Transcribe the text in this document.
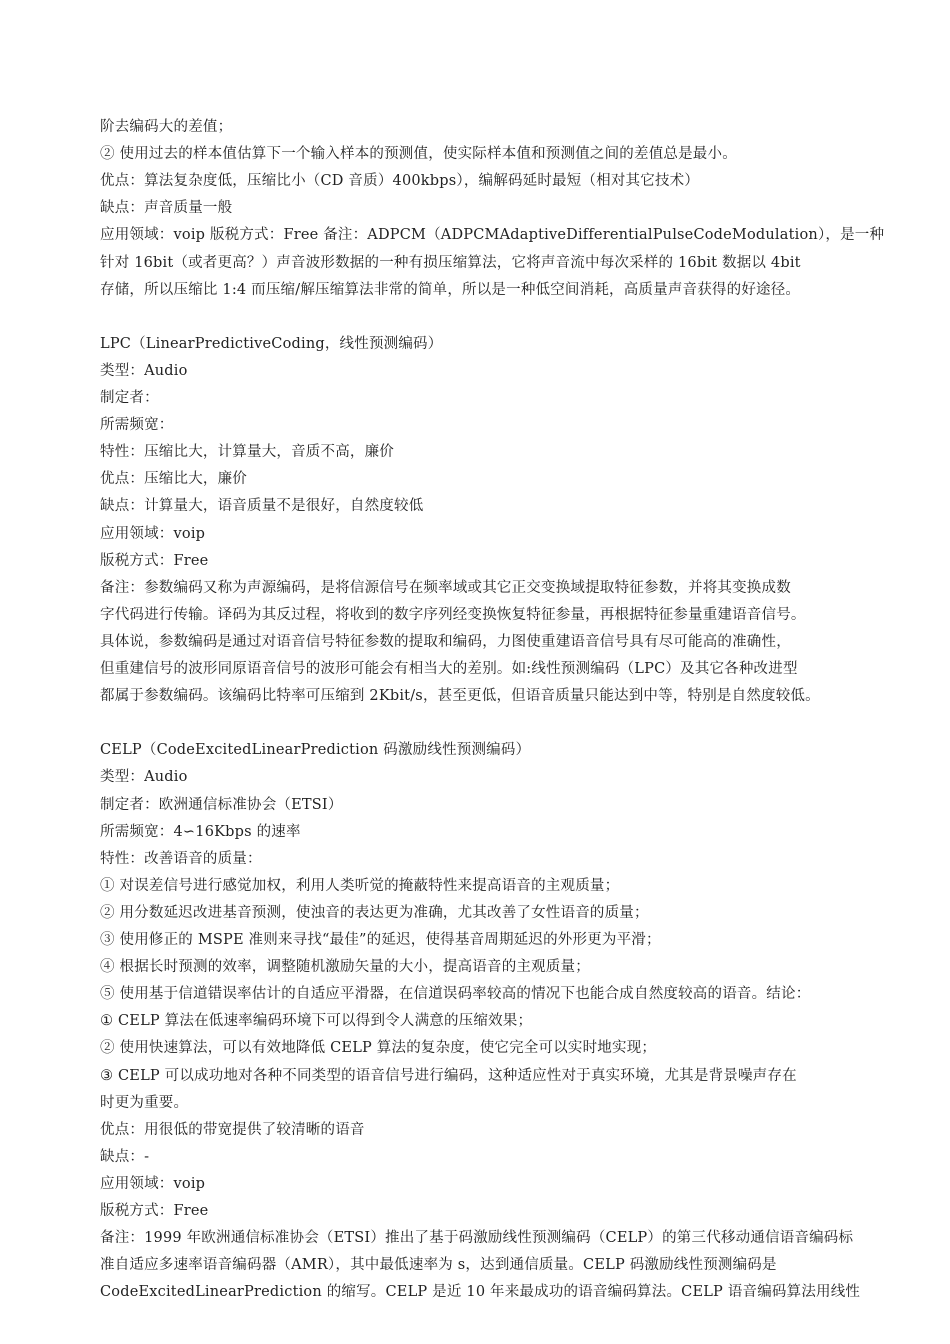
阶去编码大的差值；
② 使用过去的样本值估算下一个输入样本的预测值，使实际样本值和预测值之间的差值总是最小。
优点：算法复杂度低，压缩比小（CD 音质）400kbps），编解码延时最短（相对其它技术）
缺点：声音质量一般
应用领域：voip 版税方式：Free 备注：ADPCM（ADPCMAdaptiveDifferentialPulseCodeModulation），是一种
针对 16bit（或者更高？）声音波形数据的一种有损压缩算法，它将声音流中每次采样的 16bit 数据以 4bit
存储，所以压缩比 1:4 而压缩/解压缩算法非常的简单，所以是一种低空间消耗，高质量声音获得的好途径。
LPC（LinearPredictiveCoding，线性预测编码）
类型：Audio
制定者：
所需频宽：
特性：压缩比大，计算量大，音质不高，廉价
优点：压缩比大，廉价
缺点：计算量大，语音质量不是很好，自然度较低
应用领域：voip
版税方式：Free
备注：参数编码又称为声源编码，是将信源信号在频率域或其它正交变换域提取特征参数，并将其变换成数
字代码进行传输。译码为其反过程，将收到的数字序列经变换恢复特征参量，再根据特征参量重建语音信号。
具体说，参数编码是通过对语音信号特征参数的提取和编码，力图使重建语音信号具有尽可能高的准确性，
但重建信号的波形同原语音信号的波形可能会有相当大的差别。如:线性预测编码（LPC）及其它各种改进型
都属于参数编码。该编码比特率可压缩到 2Kbit/s，甚至更低，但语音质量只能达到中等，特别是自然度较低。
CELP（CodeExcitedLinearPrediction 码激励线性预测编码）
类型：Audio
制定者：欧洲通信标准协会（ETSI）
所需频宽：4∽16Kbps 的速率
特性：改善语音的质量：
① 对误差信号进行感觉加权，利用人类听觉的掩蔽特性来提高语音的主观质量；
② 用分数延迟改进基音预测，使浊音的表达更为准确，尤其改善了女性语音的质量；
③ 使用修正的 MSPE 准则来寻找“最佳”的延迟，使得基音周期延迟的外形更为平滑；
④ 根据长时预测的效率，调整随机激励矢量的大小，提高语音的主观质量；
⑤ 使用基于信道错误率估计的自适应平滑器，在信道误码率较高的情况下也能合成自然度较高的语音。结论：
① CELP 算法在低速率编码环境下可以得到令人满意的压缩效果；
② 使用快速算法，可以有效地降低 CELP 算法的复杂度，使它完全可以实时地实现；
③ CELP 可以成功地对各种不同类型的语音信号进行编码，这种适应性对于真实环境，尤其是背景噪声存在
时更为重要。
优点：用很低的带宽提供了较清晰的语音
缺点：-
应用领域：voip
版税方式：Free
备注：1999 年欧洲通信标准协会（ETSI）推出了基于码激励线性预测编码（CELP）的第三代移动通信语音编码标
准自适应多速率语音编码器（AMR），其中最低速率为 s，达到通信质量。CELP 码激励线性预测编码是
CodeExcitedLinearPrediction 的缩写。CELP 是近 10 年来最成功的语音编码算法。CELP 语音编码算法用线性
